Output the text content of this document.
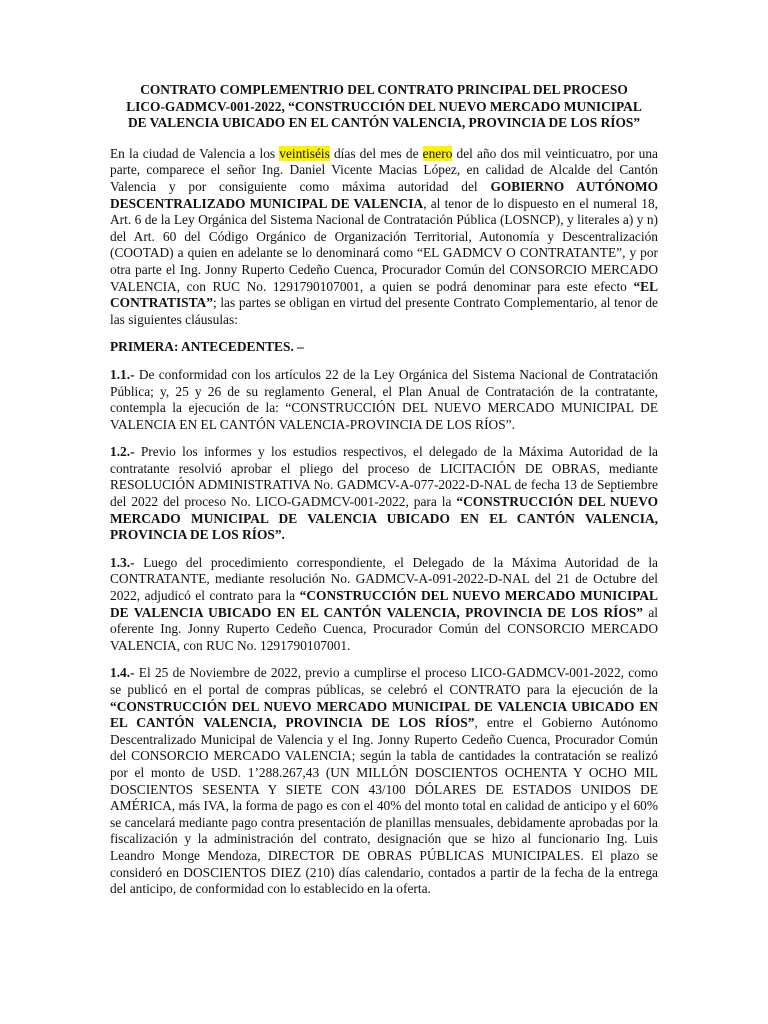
CONTRATO COMPLEMENTRIO DEL CONTRATO PRINCIPAL DEL PROCESO
LICO-GADMCV-001-2022, “CONSTRUCCIÓN DEL NUEVO MERCADO MUNICIPAL
DE VALENCIA UBICADO EN EL CANTÓN VALENCIA, PROVINCIA DE LOS RÍOS”

En la ciudad de Valencia a los veintiséis días del mes de enero del año dos mil veinticuatro, por una parte, comparece el señor Ing. Daniel Vicente Macias López, en calidad de Alcalde del Cantón Valencia y por consiguiente como máxima autoridad del GOBIERNO AUTÓNOMO DESCENTRALIZADO MUNICIPAL DE VALENCIA, al tenor de lo dispuesto en el numeral 18, Art. 6 de la Ley Orgánica del Sistema Nacional de Contratación Pública (LOSNCP), y literales a) y n) del Art. 60 del Código Orgánico de Organización Territorial, Autonomía y Descentralización (COOTAD) a quien en adelante se lo denominará como “EL GADMCV O CONTRATANTE”, y por otra parte el Ing. Jonny Ruperto Cedeño Cuenca, Procurador Común del CONSORCIO MERCADO VALENCIA, con RUC No. 1291790107001, a quien se podrá denominar para este efecto “EL CONTRATISTA”; las partes se obligan en virtud del presente Contrato Complementario, al tenor de las siguientes cláusulas:

PRIMERA: ANTECEDENTES. –

1.1.- De conformidad con los artículos 22 de la Ley Orgánica del Sistema Nacional de Contratación Pública; y, 25 y 26 de su reglamento General, el Plan Anual de Contratación de la contratante, contempla la ejecución de la: “CONSTRUCCIÓN DEL NUEVO MERCADO MUNICIPAL DE VALENCIA EN EL CANTÓN VALENCIA-PROVINCIA DE LOS RÍOS”.

1.2.- Previo los informes y los estudios respectivos, el delegado de la Máxima Autoridad de la contratante resolvió aprobar el pliego del proceso de LICITACIÓN DE OBRAS, mediante RESOLUCIÓN ADMINISTRATIVA No. GADMCV-A-077-2022-D-NAL de fecha 13 de Septiembre del 2022 del proceso No. LICO-GADMCV-001-2022, para la “CONSTRUCCIÓN DEL NUEVO MERCADO MUNICIPAL DE VALENCIA UBICADO EN EL CANTÓN VALENCIA, PROVINCIA DE LOS RÍOS”.

1.3.- Luego del procedimiento correspondiente, el Delegado de la Máxima Autoridad de la CONTRATANTE, mediante resolución No. GADMCV-A-091-2022-D-NAL del 21 de Octubre del 2022, adjudicó el contrato para la “CONSTRUCCIÓN DEL NUEVO MERCADO MUNICIPAL DE VALENCIA UBICADO EN EL CANTÓN VALENCIA, PROVINCIA DE LOS RÍOS” al oferente Ing. Jonny Ruperto Cedeño Cuenca, Procurador Común del CONSORCIO MERCADO VALENCIA, con RUC No. 1291790107001.

1.4.- El 25 de Noviembre de 2022, previo a cumplirse el proceso LICO-GADMCV-001-2022, como se publicó en el portal de compras públicas, se celebró el CONTRATO para la ejecución de la “CONSTRUCCIÓN DEL NUEVO MERCADO MUNICIPAL DE VALENCIA UBICADO EN EL CANTÓN VALENCIA, PROVINCIA DE LOS RÍOS”, entre el Gobierno Autónomo Descentralizado Municipal de Valencia y el Ing. Jonny Ruperto Cedeño Cuenca, Procurador Común del CONSORCIO MERCADO VALENCIA; según la tabla de cantidades la contratación se realizó por el monto de USD. 1’288.267,43 (UN MILLÓN DOSCIENTOS OCHENTA Y OCHO MIL DOSCIENTOS SESENTA Y SIETE CON 43/100 DÓLARES DE ESTADOS UNIDOS DE AMÉRICA, más IVA, la forma de pago es con el 40% del monto total en calidad de anticipo y el 60% se cancelará mediante pago contra presentación de planillas mensuales, debidamente aprobadas por la fiscalización y la administración del contrato, designación que se hizo al funcionario Ing. Luis Leandro Monge Mendoza, DIRECTOR DE OBRAS PÚBLICAS MUNICIPALES. El plazo se consideró en DOSCIENTOS DIEZ (210) días calendario, contados a partir de la fecha de la entrega del anticipo, de conformidad con lo establecido en la oferta.
